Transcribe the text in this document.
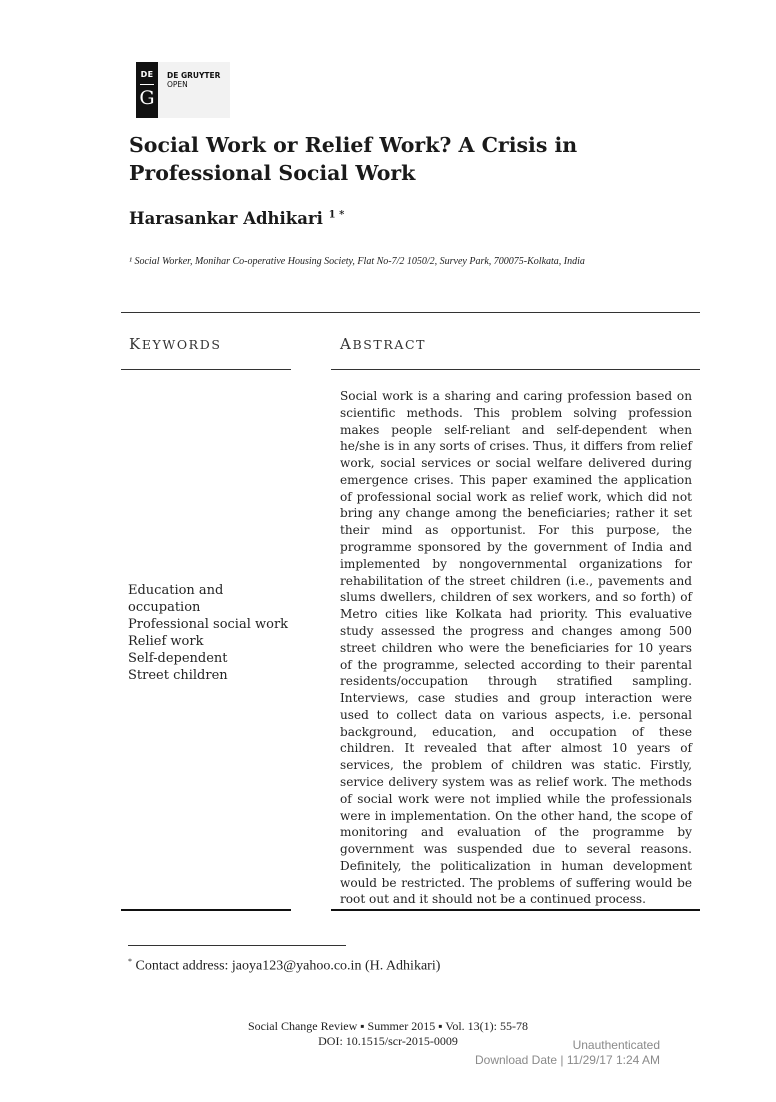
DE
G
DE GRUYTER
OPEN
Social Work or Relief Work? A Crisis in Professional Social Work
Harasankar Adhikari $^{1 *}$
¹ Social Worker, Monihar Co-operative Housing Society, Flat No-7/2 1050/2, Survey Park, 700075-Kolkata, India
KEYWORDS	ABSTRACT
Education and
occupation
Professional social work
Relief work
Self-dependent
Street children

Social work is a sharing and caring profession based on scientific methods. This problem solving profession makes people self-reliant and self-dependent when he/she is in any sorts of crises. Thus, it differs from relief work, social services or social welfare delivered during emergence crises. This paper examined the application of professional social work as relief work, which did not bring any change among the beneficiaries; rather it set their mind as opportunist. For this purpose, the programme sponsored by the government of India and implemented by nongovernmental organizations for rehabilitation of the street children (i.e., pavements and slums dwellers, children of sex workers, and so forth) of Metro cities like Kolkata had priority. This evaluative study assessed the progress and changes among 500 street children who were the beneficiaries for 10 years of the programme, selected according to their parental residents/occupation through stratified sampling. Interviews, case studies and group interaction were used to collect data on various aspects, i.e. personal background, education, and occupation of these children. It revealed that after almost 10 years of services, the problem of children was static. Firstly, service delivery system was as relief work. The methods of social work were not implied while the professionals were in implementation. On the other hand, the scope of monitoring and evaluation of the programme by government was suspended due to several reasons. Definitely, the politicalization in human development would be restricted. The problems of suffering would be root out and it should not be a continued process.

* Contact address: jaoya123@yahoo.co.in (H. Adhikari)
Social Change Review ▪ Summer 2015 ▪ Vol. 13(1): 55-78
DOI: 10.1515/scr-2015-0009	Unauthenticated
Download Date | 11/29/17 1:24 AM
